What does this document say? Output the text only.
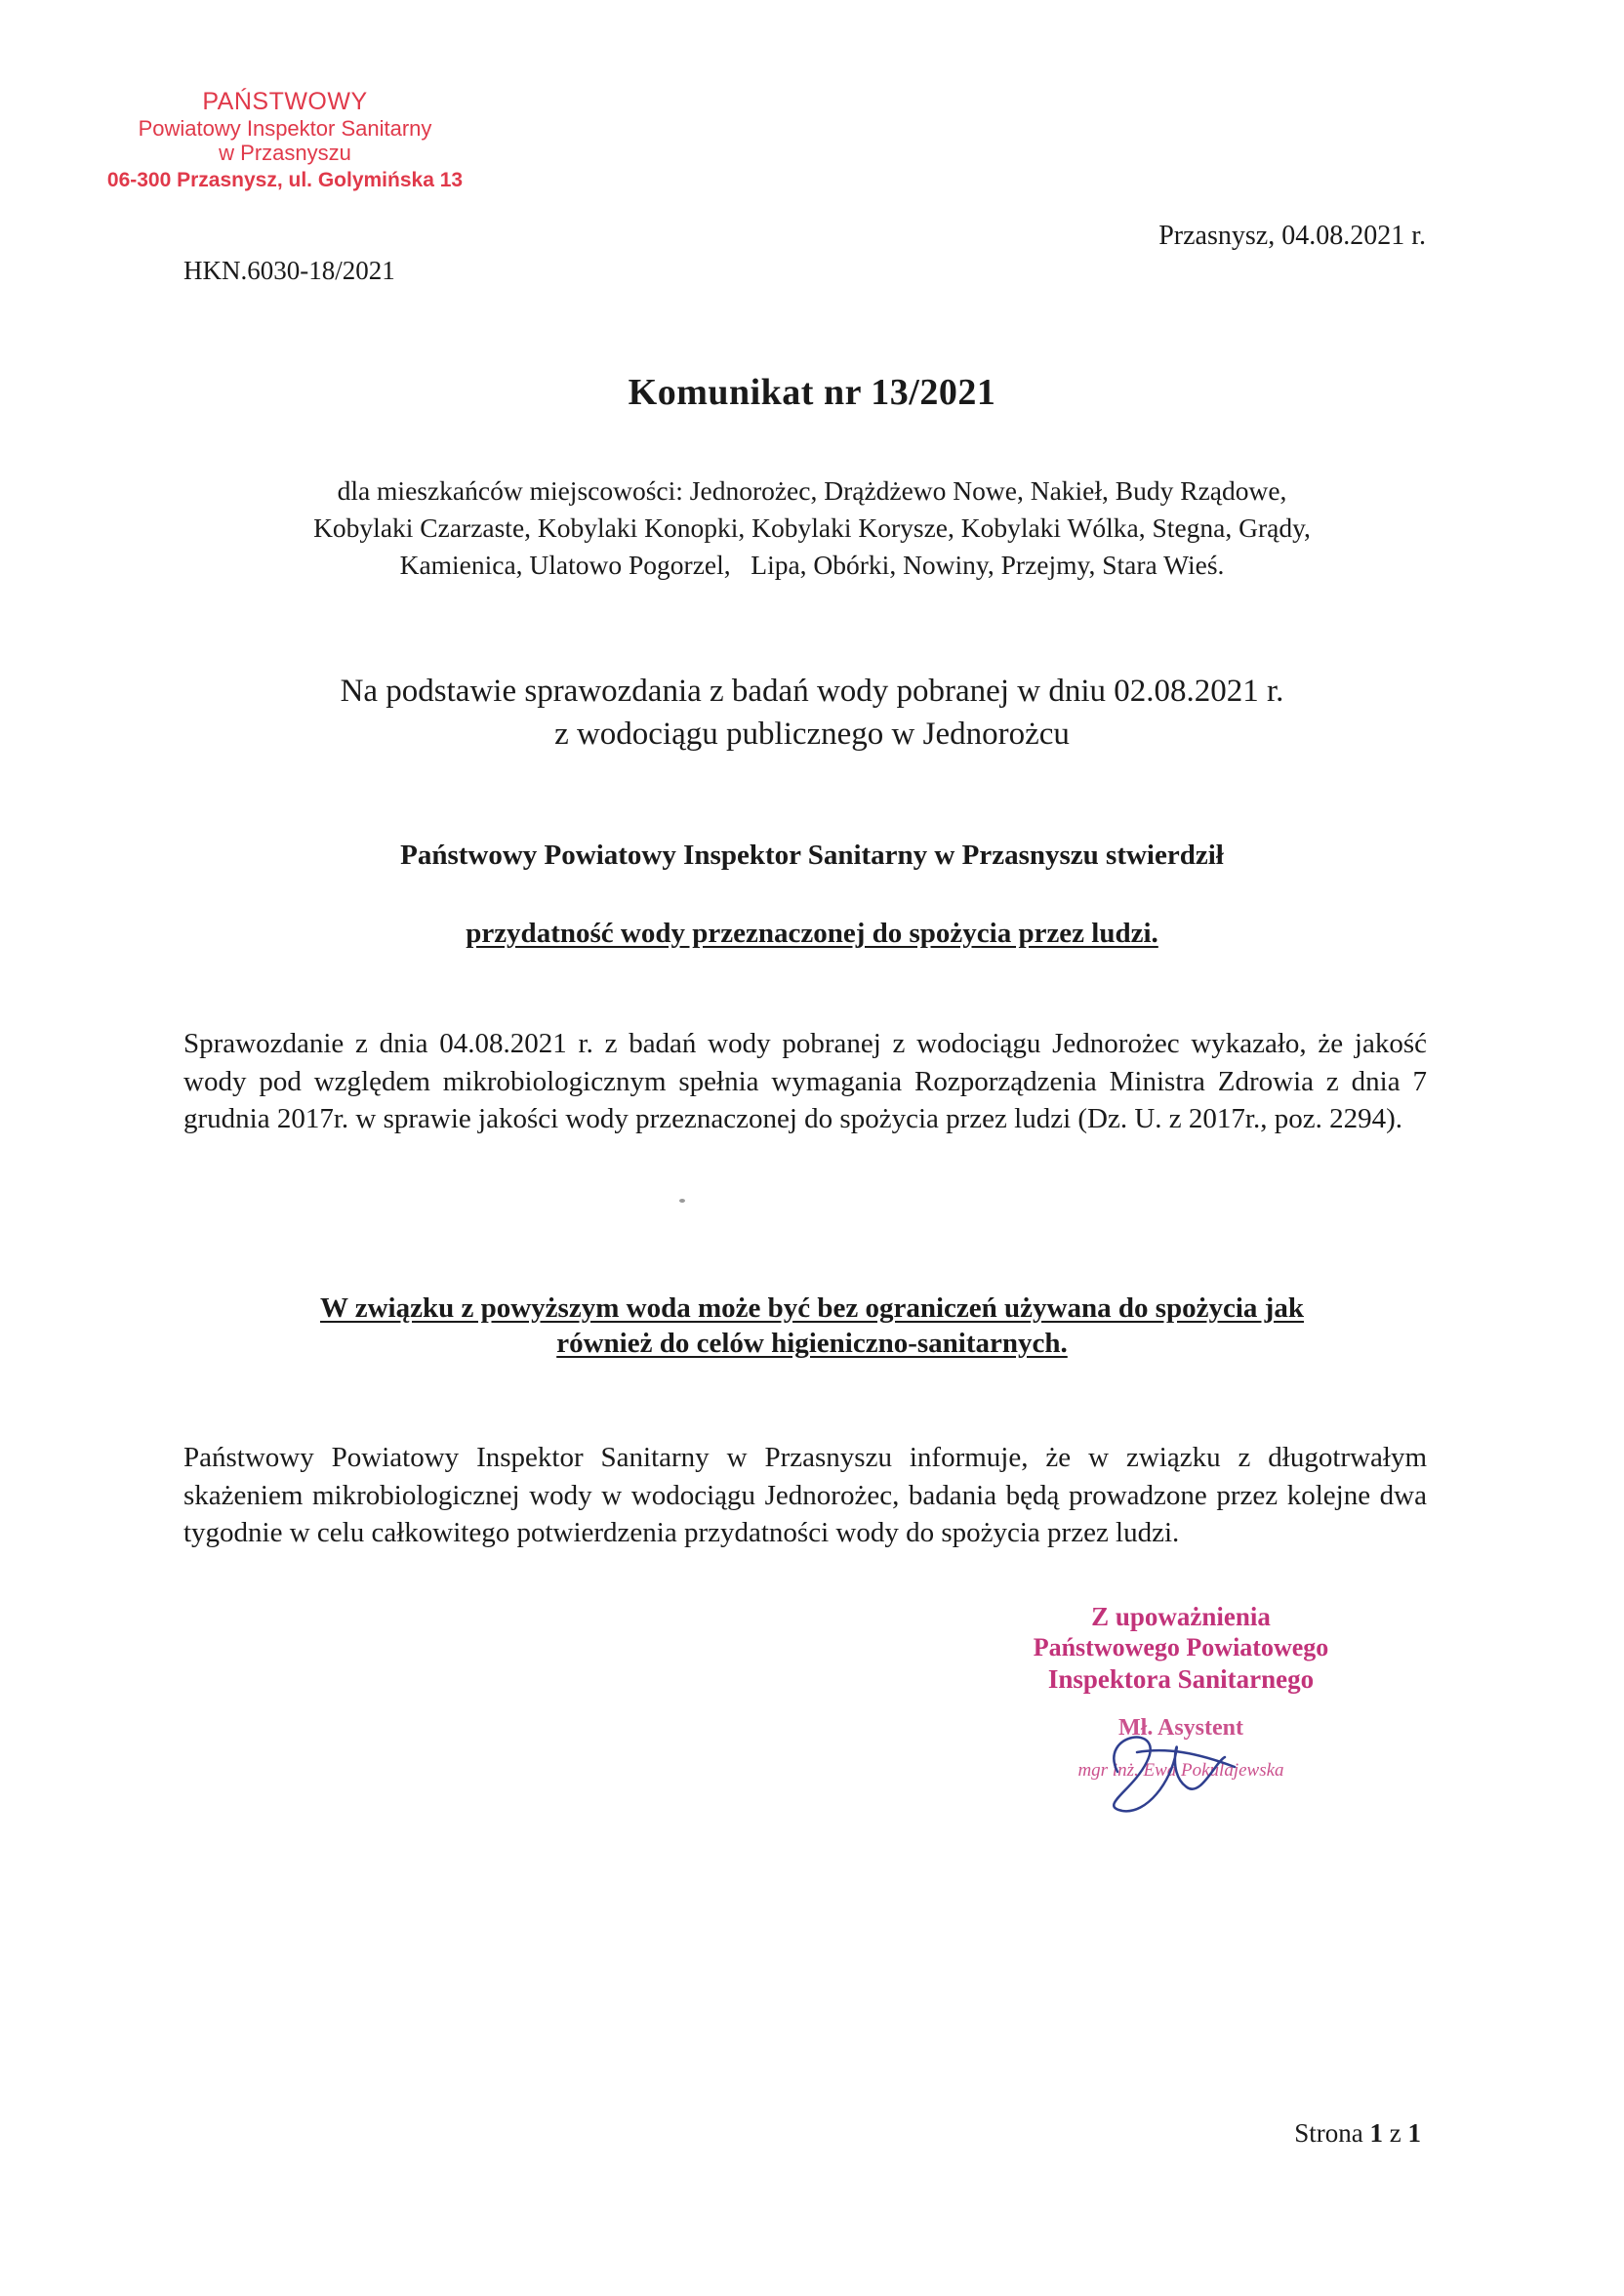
PAŃSTWOWY
Powiatowy Inspektor Sanitarny
w Przasnyszu
06-300 Przasnysz, ul. Golymińska 13
Przasnysz, 04.08.2021 r.
HKN.6030-18/2021
Komunikat nr 13/2021
dla mieszkańców miejscowości: Jednorożec, Drążdżewo Nowe, Nakieł, Budy Rządowe,
Kobylaki Czarzaste, Kobylaki Konopki, Kobylaki Korysze, Kobylaki Wólka, Stegna, Grądy,
Kamienica, Ulatowo Pogorzel,   Lipa, Obórki, Nowiny, Przejmy, Stara Wieś.
Na podstawie sprawozdania z badań wody pobranej w dniu 02.08.2021 r.
z wodociągu publicznego w Jednorożcu
Państwowy Powiatowy Inspektor Sanitarny w Przasnyszu stwierdził
przydatność wody przeznaczonej do spożycia przez ludzi.
Sprawozdanie z dnia 04.08.2021 r. z badań wody pobranej z wodociągu Jednorożec wykazało, że jakość wody pod względem mikrobiologicznym spełnia wymagania Rozporządzenia Ministra Zdrowia z dnia 7 grudnia 2017r. w sprawie jakości wody przeznaczonej do spożycia przez ludzi (Dz. U. z 2017r., poz. 2294).
W związku z powyższym woda może być bez ograniczeń używana do spożycia jak
również do celów higieniczno-sanitarnych.
Państwowy Powiatowy Inspektor Sanitarny w Przasnyszu informuje, że w związku z długotrwałym skażeniem mikrobiologicznej wody w wodociągu Jednorożec, badania będą prowadzone przez kolejne dwa tygodnie w celu całkowitego potwierdzenia przydatności wody do spożycia przez ludzi.
Z upoważnienia
Państwowego Powiatowego
Inspektora Sanitarnego
Mł. Asystent
mgr inż. Ewa Pokulajewska
Strona 1 z 1
